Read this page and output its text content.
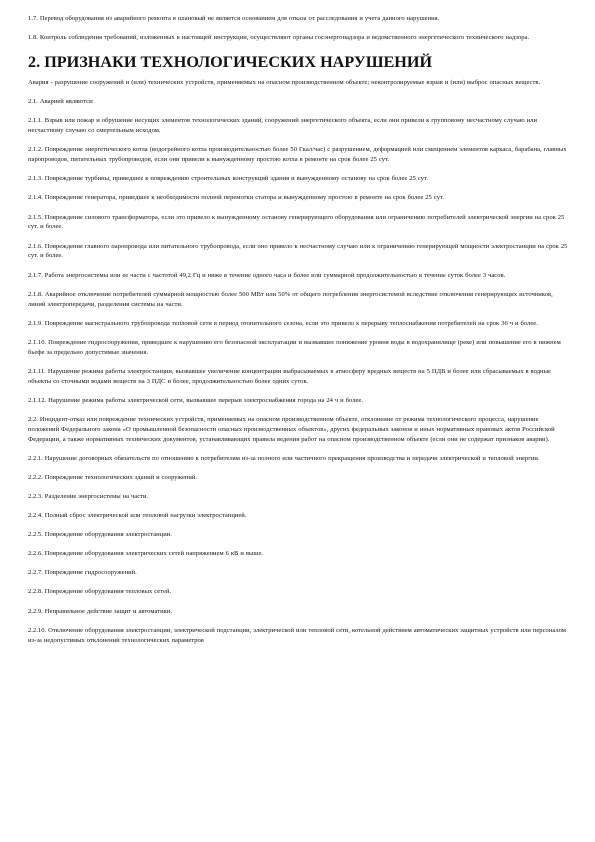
1.7. Перевод оборудования из аварийного ремонта в плановый не является основанием для отказа от расследования и учета данного нарушения.

1.8. Контроль соблюдения требований, изложенных в настоящей инструкции, осуществляют органы госэнергонадзора и ведомственного энергетического технического надзора.

2. ПРИЗНАКИ ТЕХНОЛОГИЧЕСКИХ НАРУШЕНИЙ

Авария - разрушение сооружений и (или) технических устройств, применяемых на опасном производственном объекте; неконтролируемые взрыв и (или) выброс опасных веществ.

2.1. Аварией являются:

2.1.1. Взрыв или пожар и обрушение несущих элементов технологических зданий, сооружений энергетического объекта, если они привели к групповому несчастному случаю или несчастному случаю со смертельным исходом.

2.1.2. Повреждение энергетического котла (водогрейного котла производительностью более 50 Гкал/час) с разрушением, деформацией или смещением элементов каркаса, барабана, главных паропроводов, питательных трубопроводов, если они привели к вынужденному простою котла в ремонте на срок более 25 сут.

2.1.3. Повреждение турбины, приведшее к повреждению строительных конструкций здания и вынужденному останову на срок более 25 сут.

2.1.4. Повреждение генератора, приведшее к необходимости полной перемотки статора и вынужденному простою в ремонте на срок более 25 сут.

2.1.5. Повреждение силового трансформатора, если это привело к вынужденному останову генерирующего оборудования или ограничению потребителей электрической энергии на срок 25 сут. и более.

2.1.6. Повреждение главного паропровода или питательного трубопровода, если оно привело к несчастному случаю или к ограничению генерирующей мощности электростанции на срок 25 сут. и более.

2.1.7. Работа энергосистемы или ее части с частотой 49,2 Гц и ниже в течение одного часа и более или суммарной продолжительностью в течение суток более 3 часов.

2.1.8. Аварийное отключение потребителей суммарной мощностью более 500 МВт или 50% от общего потребления энергосистемой вследствие отключения генерирующих источников, линий электропередачи, разделения системы на части.

2.1.9. Повреждение магистрального трубопровода тепловой сети в период отопительного сезона, если это привело к перерыву теплоснабжения потребителей на срок 36 ч и более.

2.1.10. Повреждение гидросооружения, приведшее к нарушению его безопасной эксплуатации и вызвавшее понижение уровня воды в водохранилище (реке) или повышение его в нижнем бьефе за предельно допустимые значения.

2.1.11. Нарушение режима работы электростанции, вызвавшее увеличение концентрации выбрасываемых в атмосферу вредных веществ на 5 ПДВ и более или сбрасываемых в водные объекты со сточными водами веществ на 3 ПДС и более, продолжительностью более одних суток.

2.1.12. Нарушение режима работы электрической сети, вызвавшее перерыв электроснабжения города на 24 ч и более.

2.2. Инцидент-отказ или повреждение технических устройств, применяемых на опасном производственном объекте, отклонение от режима технологического процесса, нарушение положений Федерального закона «О промышленной безопасности опасных производственных объектов», других федеральных законов и иных нормативных правовых актов Российской Федерации, а также нормативных технических документов, устанавливающих правила ведения работ на опасном производственном объекте (если они не содержат признаков аварии).

2.2.1. Нарушение договорных обязательств по отношению к потребителям из-за полного или частичного прекращения производства и передачи электрической и тепловой энергии.

2.2.2. Повреждение технологических зданий и сооружений.

2.2.3. Разделение энергосистемы на части.

2.2.4. Полный сброс электрической или тепловой нагрузки электростанцией.

2.2.5. Повреждение оборудования электростанции.

2.2.6. Повреждение оборудования электрических сетей напряжением 6 кВ и выше.

2.2.7. Повреждение гидросооружений.

2.2.8. Повреждение оборудования тепловых сетей.

2.2.9. Неправильное действие защит и автоматики.

2.2.10. Отключение оборудования электростанции, электрической подстанции, электрической или тепловой сети, котельной действием автоматических защитных устройств или персоналом из-за недопустимых отклонений технологических параметров
